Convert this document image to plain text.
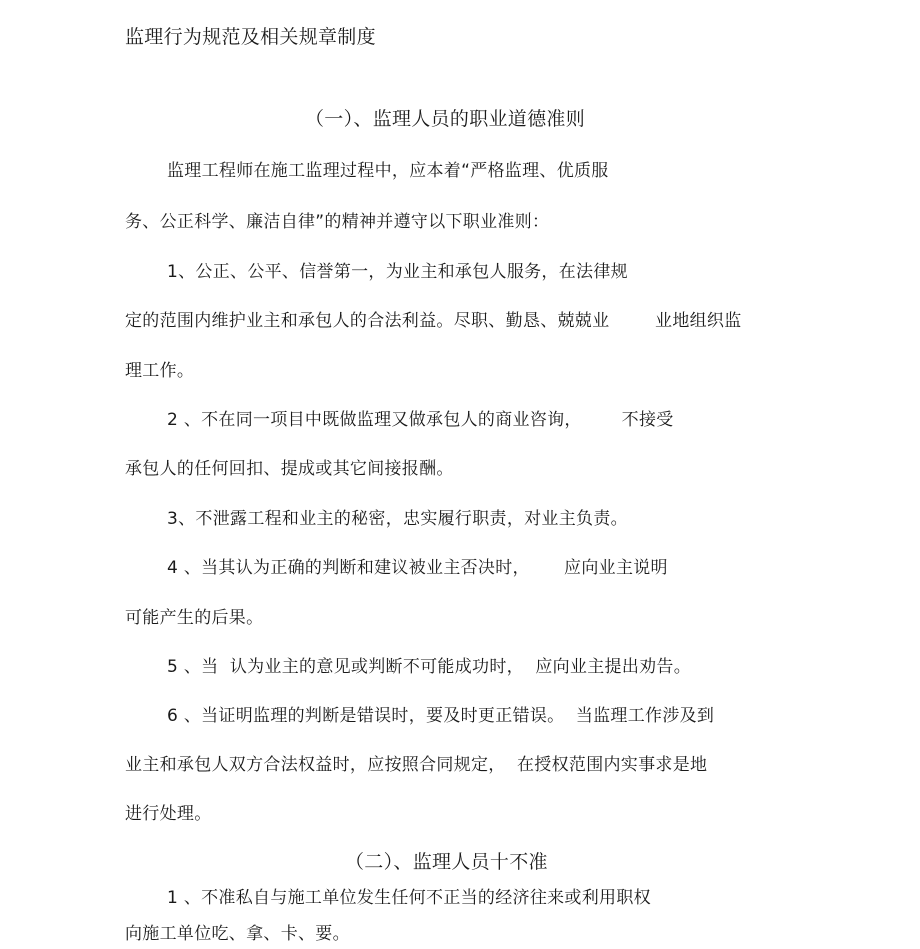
监理行为规范及相关规章制度
（一）、监理人员的职业道德准则
监理工程师在施工监理过程中，应本着“严格监理、优质服
务、公正科学、廉洁自律”的精神并遵守以下职业准则：
1、公正、公平、信誉第一，为业主和承包人服务，在法律规
定的范围内维护业主和承包人的合法利益。尽职、勤恳、兢兢业        业地组织监
理工作。
2 、不在同一项目中既做监理又做承包人的商业咨询，       不接受
承包人的任何回扣、提成或其它间接报酬。
3、不泄露工程和业主的秘密，忠实履行职责，对业主负责。
4 、当其认为正确的判断和建议被业主否决时，      应向业主说明
可能产生的后果。
5 、当  认为业主的意见或判断不可能成功时，  应向业主提出劝告。
6 、当证明监理的判断是错误时，要及时更正错误。  当监理工作涉及到
业主和承包人双方合法权益时，应按照合同规定，  在授权范围内实事求是地
进行处理。
（二）、监理人员十不准
1 、不准私自与施工单位发生任何不正当的经济往来或利用职权
向施工单位吃、拿、卡、要。
